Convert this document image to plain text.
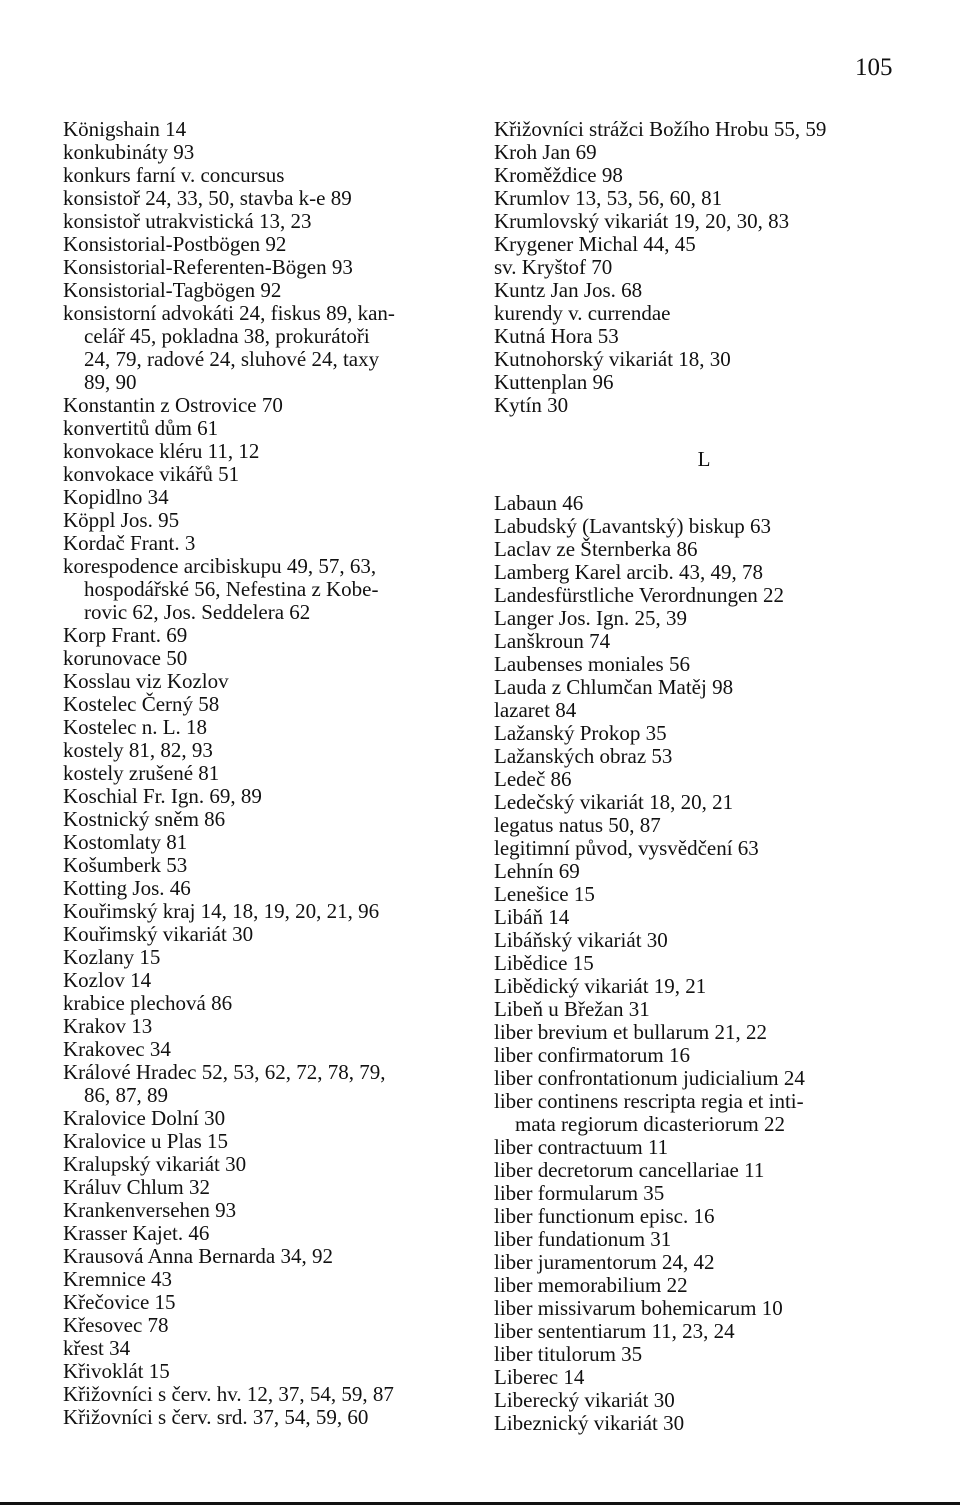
105
Königshain 14
konkubináty 93
konkurs farní v. concursus
konsistoř 24, 33, 50, stavba k-e 89
konsistoř utrakvistická 13, 23
Konsistorial-Postbögen 92
Konsistorial-Referenten-Bögen 93
Konsistorial-Tagbögen 92
konsistorní advokáti 24, fiskus 89, kan-
celář 45, pokladna 38, prokurátoři
24, 79, radové 24, sluhové 24, taxy
89, 90
Konstantin z Ostrovice 70
konvertitů dům 61
konvokace kléru 11, 12
konvokace vikářů 51
Kopidlno 34
Köppl Jos. 95
Kordač Frant. 3
korespodence arcibiskupu 49, 57, 63,
hospodářské 56, Nefestina z Kobe-
rovic 62, Jos. Seddelera 62
Korp Frant. 69
korunovace 50
Kosslau viz Kozlov
Kostelec Černý 58
Kostelec n. L. 18
kostely 81, 82, 93
kostely zrušené 81
Koschial Fr. Ign. 69, 89
Kostnický sněm 86
Kostomlaty 81
Košumberk 53
Kotting Jos. 46
Kouřimský kraj 14, 18, 19, 20, 21, 96
Kouřimský vikariát 30
Kozlany 15
Kozlov 14
krabice plechová 86
Krakov 13
Krakovec 34
Králové Hradec 52, 53, 62, 72, 78, 79,
86, 87, 89
Kralovice Dolní 30
Kralovice u Plas 15
Kralupský vikariát 30
Králuv Chlum 32
Krankenversehen 93
Krasser Kajet. 46
Krausová Anna Bernarda 34, 92
Kremnice 43
Křečovice 15
Křesovec 78
křest 34
Křivoklát 15
Křižovníci s červ. hv. 12, 37, 54, 59, 87
Křižovníci s červ. srd. 37, 54, 59, 60
Křižovníci strážci Božího Hrobu 55, 59
Kroh Jan 69
Kroměždice 98
Krumlov 13, 53, 56, 60, 81
Krumlovský vikariát 19, 20, 30, 83
Krygener Michal 44, 45
sv. Kryštof 70
Kuntz Jan Jos. 68
kurendy v. currendae
Kutná Hora 53
Kutnohorský vikariát 18, 30
Kuttenplan 96
Kytín 30
L
Labaun 46
Labudský (Lavantský) biskup 63
Laclav ze Šternberka 86
Lamberg Karel arcib. 43, 49, 78
Landesfürstliche Verordnungen 22
Langer Jos. Ign. 25, 39
Lanškroun 74
Laubenses moniales 56
Lauda z Chlumčan Matěj 98
lazaret 84
Lažanský Prokop 35
Lažanských obraz 53
Ledeč 86
Ledečský vikariát 18, 20, 21
legatus natus 50, 87
legitimní původ, vysvědčení 63
Lehnín 69
Lenešice 15
Libáň 14
Libáňský vikariát 30
Libědice 15
Libědický vikariát 19, 21
Libeň u Břežan 31
liber brevium et bullarum 21, 22
liber confirmatorum 16
liber confrontationum judicialium 24
liber continens rescripta regia et inti-
mata regiorum dicasteriorum 22
liber contractuum 11
liber decretorum cancellariae 11
liber formularum 35
liber functionum episc. 16
liber fundationum 31
liber juramentorum 24, 42
liber memorabilium 22
liber missivarum bohemicarum 10
liber sententiarum 11, 23, 24
liber titulorum 35
Liberec 14
Liberecký vikariát 30
Libeznický vikariát 30
